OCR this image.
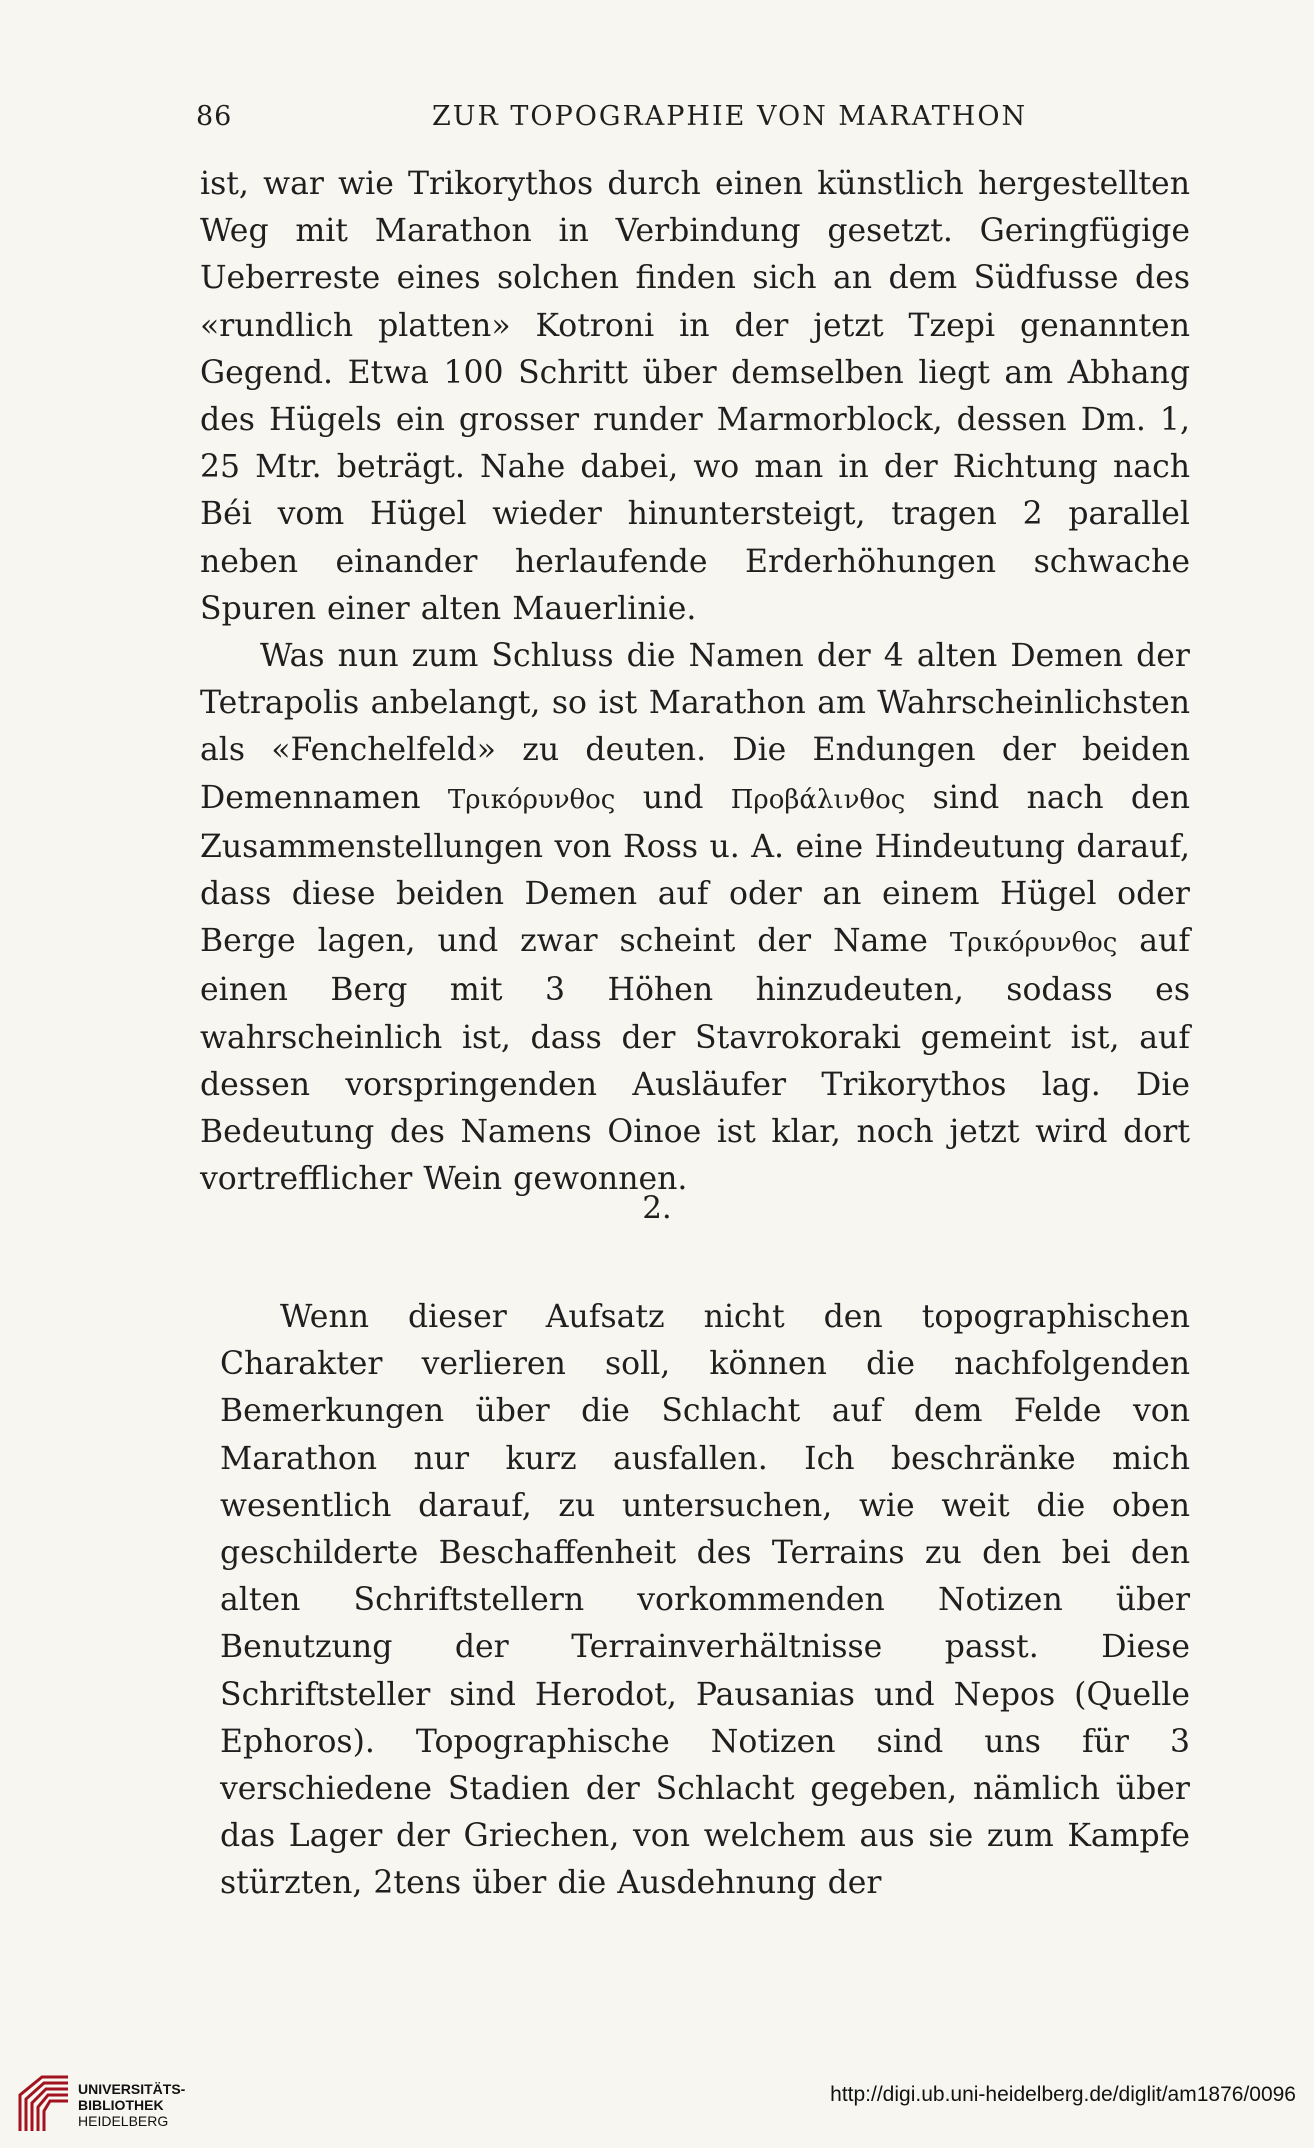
86	ZUR TOPOGRAPHIE VON MARATHON

ist, war wie Trikorythos durch einen künstlich hergestellten Weg mit Marathon in Verbindung gesetzt. Geringfügige Ueberreste eines solchen finden sich an dem Südfusse des «rundlich platten» Kotroni in der jetzt Tzepi genannten Gegend. Etwa 100 Schritt über demselben liegt am Abhang des Hügels ein grosser runder Marmorblock, dessen Dm. 1, 25 Mtr. beträgt. Nahe dabei, wo man in der Richtung nach Béi vom Hügel wieder hinuntersteigt, tragen 2 parallel neben einander herlaufende Erderhöhungen schwache Spuren einer alten Mauerlinie.

Was nun zum Schluss die Namen der 4 alten Demen der Tetrapolis anbelangt, so ist Marathon am Wahrscheinlichsten als «Fenchelfeld» zu deuten. Die Endungen der beiden Demennamen Τρικόρυνθος und Προβάλινθος sind nach den Zusammenstellungen von Ross u. A. eine Hindeutung darauf, dass diese beiden Demen auf oder an einem Hügel oder Berge lagen, und zwar scheint der Name Τρικόρυνθος auf einen Berg mit 3 Höhen hinzudeuten, sodass es wahrscheinlich ist, dass der Stavrokoraki gemeint ist, auf dessen vorspringenden Ausläufer Trikorythos lag. Die Bedeutung des Namens Oinoe ist klar, noch jetzt wird dort vortrefflicher Wein gewonnen.

2.

Wenn dieser Aufsatz nicht den topographischen Charakter verlieren soll, können die nachfolgenden Bemerkungen über die Schlacht auf dem Felde von Marathon nur kurz ausfallen. Ich beschränke mich wesentlich darauf, zu untersuchen, wie weit die oben geschilderte Beschaffenheit des Terrains zu den bei den alten Schriftstellern vorkommenden Notizen über Benutzung der Terrainverhältnisse passt. Diese Schriftsteller sind Herodot, Pausanias und Nepos (Quelle Ephoros). Topographische Notizen sind uns für 3 verschiedene Stadien der Schlacht gegeben, nämlich über das Lager der Griechen, von welchem aus sie zum Kampfe stürzten, 2tens über die Ausdehnung der

UNIVERSITÄTS-
BIBLIOTHEK
HEIDELBERG
http://digi.ub.uni-heidelberg.de/diglit/am1876/0096
